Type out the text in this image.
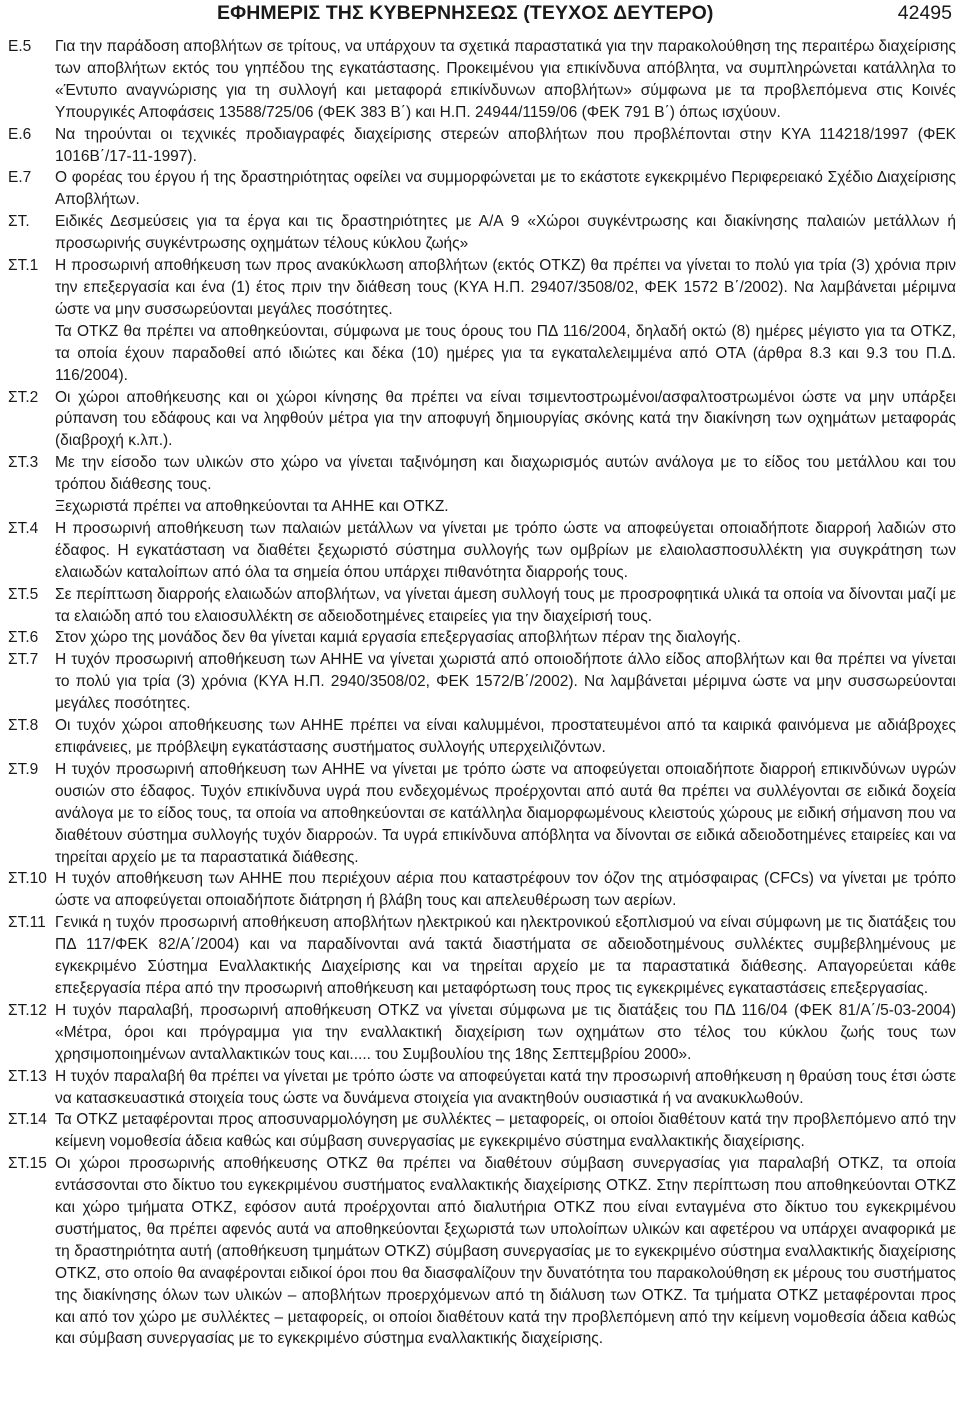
ΕΦΗΜΕΡΙΣ ΤΗΣ ΚΥΒΕΡΝΗΣΕΩΣ (ΤΕΥΧΟΣ ΔΕΥΤΕΡΟ)	42495
Ε.5	Για την παράδοση αποβλήτων σε τρίτους, να υπάρχουν τα σχετικά παραστατικά για την παρακολούθηση της περαιτέρω διαχείρισης των αποβλήτων εκτός του γηπέδου της εγκατάστασης. Προκειμένου για επικίνδυνα απόβλητα, να συμπληρώνεται κατάλληλα το «Έντυπο αναγνώρισης για τη συλλογή και μεταφορά επικίνδυνων αποβλήτων» σύμφωνα με τα προβλεπόμενα στις Κοινές Υπουργικές Αποφάσεις 13588/725/06 (ΦΕΚ 383 Β΄) και Η.Π. 24944/1159/06 (ΦΕΚ 791 Β΄) όπως ισχύουν.

Ε.6	Να τηρούνται οι τεχνικές προδιαγραφές διαχείρισης στερεών αποβλήτων που προβλέπονται στην ΚΥΑ 114218/1997 (ΦΕΚ 1016Β΄/17-11-1997).

Ε.7	Ο φορέας του έργου ή της δραστηριότητας οφείλει να συμμορφώνεται με το εκάστοτε εγκεκριμένο Περιφερειακό Σχέδιο Διαχείρισης Αποβλήτων.

ΣΤ.	Ειδικές Δεσμεύσεις για τα έργα και τις δραστηριότητες με Α/Α 9 «Χώροι συγκέντρωσης και διακίνησης παλαιών μετάλλων ή προσωρινής συγκέντρωσης οχημάτων τέλους κύκλου ζωής»

ΣΤ.1	Η προσωρινή αποθήκευση των προς ανακύκλωση αποβλήτων (εκτός ΟΤΚΖ) θα πρέπει να γίνεται το πολύ για τρία (3) χρόνια πριν την επεξεργασία και ένα (1) έτος πριν την διάθεση τους (ΚΥΑ Η.Π. 29407/3508/02, ΦΕΚ 1572 Β΄/2002). Να λαμβάνεται μέριμνα ώστε να μην συσσωρεύονται μεγάλες ποσότητες.

Τα ΟΤΚΖ θα πρέπει να αποθηκεύονται, σύμφωνα με τους όρους του ΠΔ 116/2004, δηλαδή οκτώ (8) ημέρες μέγιστο για τα ΟΤΚΖ, τα οποία έχουν παραδοθεί από ιδιώτες και δέκα (10) ημέρες για τα εγκαταλελειμμένα από ΟΤΑ (άρθρα 8.3 και 9.3 του Π.Δ. 116/2004).

ΣΤ.2	Οι χώροι αποθήκευσης και οι χώροι κίνησης θα πρέπει να είναι τσιμεντοστρωμένοι/ασφαλτοστρωμένοι ώστε να μην υπάρξει ρύπανση του εδάφους και να ληφθούν μέτρα για την αποφυγή δημιουργίας σκόνης κατά την διακίνηση των οχημάτων μεταφοράς (διαβροχή κ.λπ.).

ΣΤ.3	Με την είσοδο των υλικών στο χώρο να γίνεται ταξινόμηση και διαχωρισμός αυτών ανάλογα με το είδος του μετάλλου και του τρόπου διάθεσης τους.

Ξεχωριστά πρέπει να αποθηκεύονται τα ΑΗΗΕ και ΟΤΚΖ.

ΣΤ.4	Η προσωρινή αποθήκευση των παλαιών μετάλλων να γίνεται με τρόπο ώστε να αποφεύγεται οποιαδήποτε διαρροή λαδιών στο έδαφος. Η εγκατάσταση να διαθέτει ξεχωριστό σύστημα συλλογής των ομβρίων με ελαιολασποσυλλέκτη για συγκράτηση των ελαιωδών καταλοίπων από όλα τα σημεία όπου υπάρχει πιθανότητα διαρροής τους.

ΣΤ.5	Σε περίπτωση διαρροής ελαιωδών αποβλήτων, να γίνεται άμεση συλλογή τους με προσροφητικά υλικά τα οποία να δίνονται μαζί με τα ελαιώδη από του ελαιοσυλλέκτη σε αδειοδοτημένες εταιρείες για την διαχείρισή τους.

ΣΤ.6	Στον χώρο της μονάδος δεν θα γίνεται καμιά εργασία επεξεργασίας αποβλήτων πέραν της διαλογής.

ΣΤ.7	Η τυχόν προσωρινή αποθήκευση των ΑΗΗΕ να γίνεται χωριστά από οποιοδήποτε άλλο είδος αποβλήτων και θα πρέπει να γίνεται το πολύ για τρία (3) χρόνια (ΚΥΑ Η.Π. 2940/3508/02, ΦΕΚ 1572/Β΄/2002). Να λαμβάνεται μέριμνα ώστε να μην συσσωρεύονται μεγάλες ποσότητες.

ΣΤ.8	Οι τυχόν χώροι αποθήκευσης των ΑΗΗΕ πρέπει να είναι καλυμμένοι, προστατευμένοι από τα καιρικά φαινόμενα με αδιάβροχες επιφάνειες, με πρόβλεψη εγκατάστασης συστήματος συλλογής υπερχειλιζόντων.

ΣΤ.9	Η τυχόν προσωρινή αποθήκευση των ΑΗΗΕ να γίνεται με τρόπο ώστε να αποφεύγεται οποιαδήποτε διαρροή επικινδύνων υγρών ουσιών στο έδαφος. Τυχόν επικίνδυνα υγρά που ενδεχομένως προέρχονται από αυτά θα πρέπει να συλλέγονται σε ειδικά δοχεία ανάλογα με το είδος τους, τα οποία να αποθηκεύονται σε κατάλληλα διαμορφωμένους κλειστούς χώρους με ειδική σήμανση που να διαθέτουν σύστημα συλλογής τυχόν διαρροών. Τα υγρά επικίνδυνα απόβλητα να δίνονται σε ειδικά αδειοδοτημένες εταιρείες και να τηρείται αρχείο με τα παραστατικά διάθεσης.

ΣΤ.10 Η τυχόν αποθήκευση των ΑΗΗΕ που περιέχουν αέρια που καταστρέφουν τον όζον της ατμόσφαιρας (CFCs) να γίνεται με τρόπο ώστε να αποφεύγεται οποιαδήποτε διάτρηση ή βλάβη τους και απελευθέρωση των αερίων.

ΣΤ.11 Γενικά η τυχόν προσωρινή αποθήκευση αποβλήτων ηλεκτρικού και ηλεκτρονικού εξοπλισμού να είναι σύμφωνη με τις διατάξεις του ΠΔ 117/ΦΕΚ 82/Α΄/2004) και να παραδίνονται ανά τακτά διαστήματα σε αδειοδοτημένους συλλέκτες συμβεβλημένους με εγκεκριμένο Σύστημα Εναλλακτικής Διαχείρισης και να τηρείται αρχείο με τα παραστατικά διάθεσης. Απαγορεύεται κάθε επεξεργασία πέρα από την προσωρινή αποθήκευση και μεταφόρτωση τους προς τις εγκεκριμένες εγκαταστάσεις επεξεργασίας.

ΣΤ.12 Η τυχόν παραλαβή, προσωρινή αποθήκευση ΟΤΚΖ να γίνεται σύμφωνα με τις διατάξεις του ΠΔ 116/04 (ΦΕΚ 81/Α΄/5-03-2004) «Μέτρα, όροι και πρόγραμμα για την εναλλακτική διαχείριση των οχημάτων στο τέλος του κύκλου ζωής τους των χρησιμοποιημένων ανταλλακτικών τους και..... του Συμβουλίου της 18ης Σεπτεμβρίου 2000».

ΣΤ.13 Η τυχόν παραλαβή θα πρέπει να γίνεται με τρόπο ώστε να αποφεύγεται κατά την προσωρινή αποθήκευση η θραύση τους έτσι ώστε να κατασκευαστικά στοιχεία τους ώστε να δυνάμενα στοιχεία για ανακτηθούν ουσιαστικά ή να ανακυκλωθούν.

ΣΤ.14 Τα ΟΤΚΖ μεταφέρονται προς αποσυναρμολόγηση με συλλέκτες – μεταφορείς, οι οποίοι διαθέτουν κατά την προβλεπόμενο από την κείμενη νομοθεσία άδεια καθώς και σύμβαση συνεργασίας με εγκεκριμένο σύστημα εναλλακτικής διαχείρισης.

ΣΤ.15 Οι χώροι προσωρινής αποθήκευσης ΟΤΚΖ θα πρέπει να διαθέτουν σύμβαση συνεργασίας για παραλαβή ΟΤΚΖ, τα οποία εντάσσονται στο δίκτυο του εγκεκριμένου συστήματος εναλλακτικής διαχείρισης ΟΤΚΖ. Στην περίπτωση που αποθηκεύονται ΟΤΚΖ και χώρο τμήματα ΟΤΚΖ, εφόσον αυτά προέρχονται από διαλυτήρια ΟΤΚΖ που είναι ενταγμένα στο δίκτυο του εγκεκριμένου συστήματος, θα πρέπει αφενός αυτά να αποθηκεύονται ξεχωριστά των υπολοίπων υλικών και αφετέρου να υπάρχει αναφορικά με τη δραστηριότητα αυτή (αποθήκευση τμημάτων ΟΤΚΖ) σύμβαση συνεργασίας με το εγκεκριμένο σύστημα εναλλακτικής διαχείρισης ΟΤΚΖ, στο οποίο θα αναφέρονται ειδικοί όροι που θα διασφαλίζουν την δυνατότητα του παρακολούθηση εκ μέρους του συστήματος της διακίνησης όλων των υλικών – αποβλήτων προερχόμενων από τη διάλυση των ΟΤΚΖ. Τα τμήματα ΟΤΚΖ μεταφέρονται προς και από τον χώρο με συλλέκτες – μεταφορείς, οι οποίοι διαθέτουν κατά την προβλεπόμενη από την κείμενη νομοθεσία άδεια καθώς και σύμβαση συνεργασίας με το εγκεκριμένο σύστημα εναλλακτικής διαχείρισης.
